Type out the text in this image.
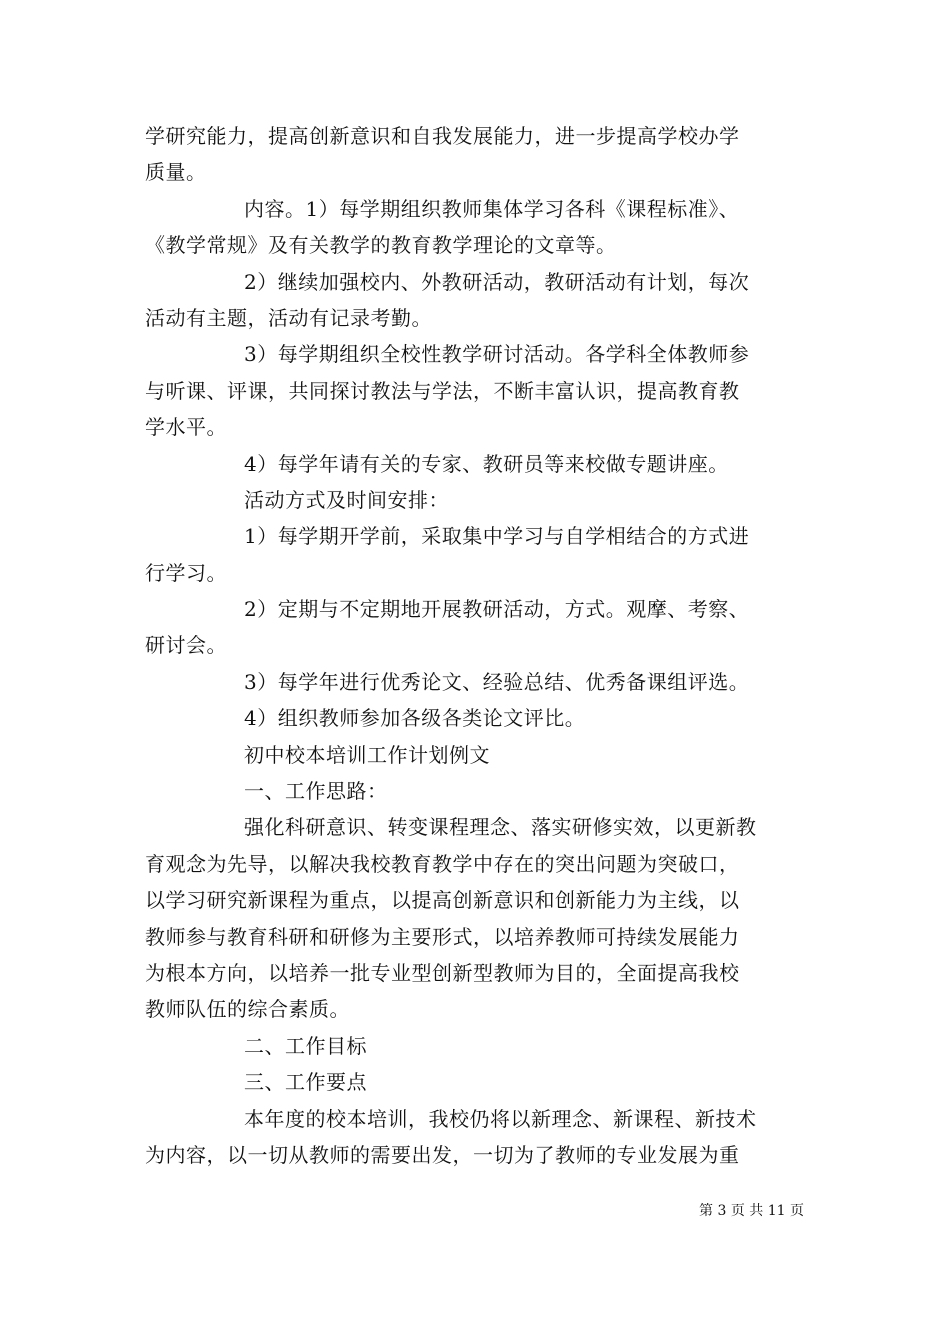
学研究能力，提高创新意识和自我发展能力，进一步提高学校办学
质量。
内容。1）每学期组织教师集体学习各科《课程标准》、
《教学常规》及有关教学的教育教学理论的文章等。
2）继续加强校内、外教研活动，教研活动有计划，每次
活动有主题，活动有记录考勤。
3）每学期组织全校性教学研讨活动。各学科全体教师参
与听课、评课，共同探讨教法与学法，不断丰富认识，提高教育教
学水平。
4）每学年请有关的专家、教研员等来校做专题讲座。
活动方式及时间安排：
1）每学期开学前，采取集中学习与自学相结合的方式进
行学习。
2）定期与不定期地开展教研活动，方式。观摩、考察、
研讨会。
3）每学年进行优秀论文、经验总结、优秀备课组评选。
4）组织教师参加各级各类论文评比。
初中校本培训工作计划例文
一、工作思路：
强化科研意识、转变课程理念、落实研修实效，以更新教
育观念为先导，以解决我校教育教学中存在的突出问题为突破口，
以学习研究新课程为重点，以提高创新意识和创新能力为主线，以
教师参与教育科研和研修为主要形式，以培养教师可持续发展能力
为根本方向，以培养一批专业型创新型教师为目的，全面提高我校
教师队伍的综合素质。
二、工作目标
三、工作要点
本年度的校本培训，我校仍将以新理念、新课程、新技术
为内容，以一切从教师的需要出发，一切为了教师的专业发展为重
第 3 页 共 11 页
